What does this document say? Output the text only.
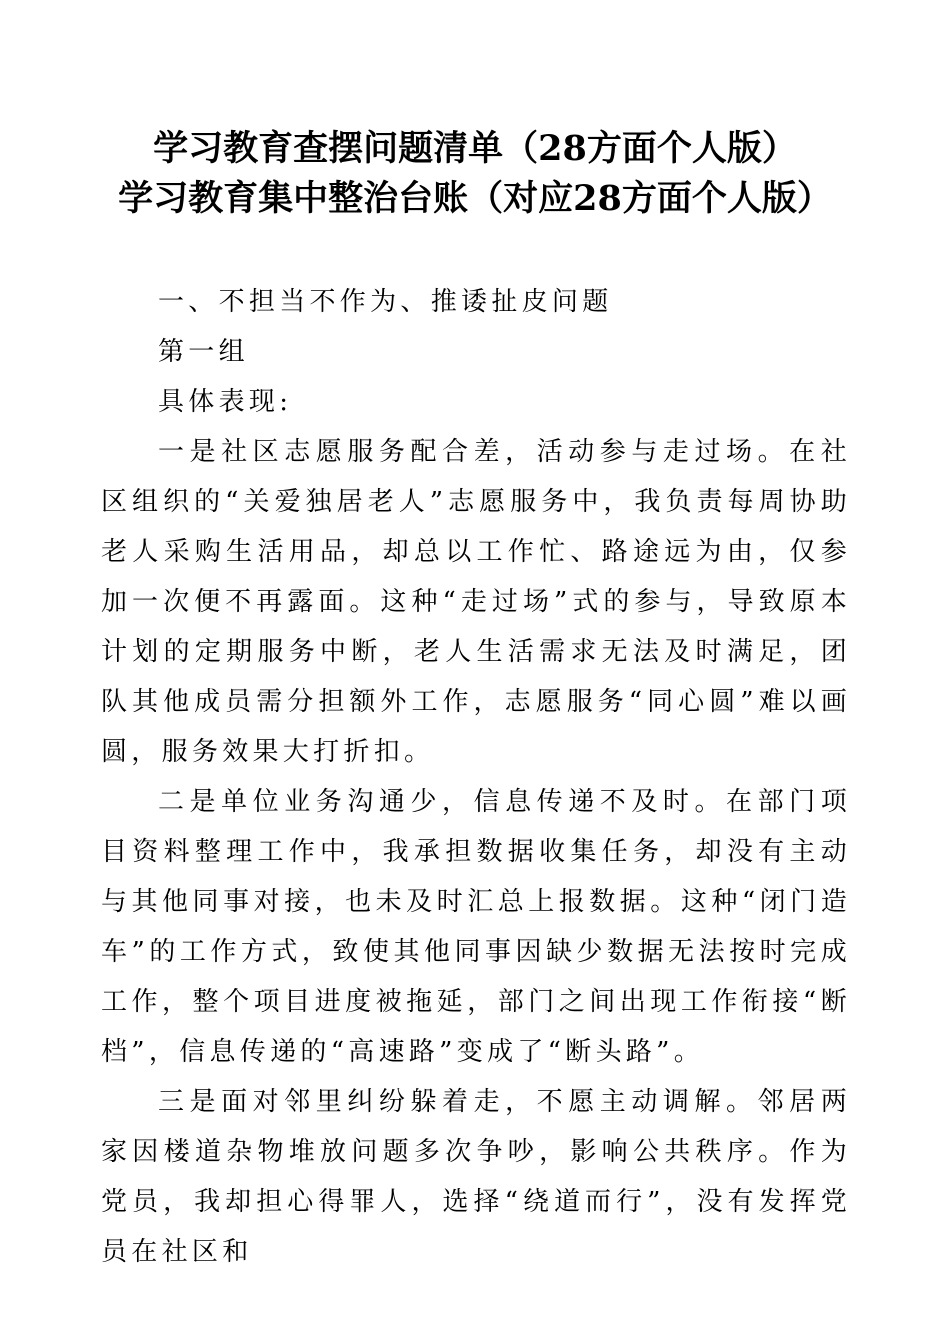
学习教育查摆问题清单（28方面个人版）
学习教育集中整治台账（对应28方面个人版）

一、不担当不作为、推诿扯皮问题

第一组

具体表现:

一是社区志愿服务配合差，活动参与走过场。在社区组织的“关爱独居老人”志愿服务中，我负责每周协助老人采购生活用品，却总以工作忙、路途远为由，仅参加一次便不再露面。这种“走过场”式的参与，导致原本计划的定期服务中断，老人生活需求无法及时满足，团队其他成员需分担额外工作，志愿服务“同心圆”难以画圆，服务效果大打折扣。

二是单位业务沟通少，信息传递不及时。在部门项目资料整理工作中，我承担数据收集任务，却没有主动与其他同事对接，也未及时汇总上报数据。这种“闭门造车”的工作方式，致使其他同事因缺少数据无法按时完成工作，整个项目进度被拖延，部门之间出现工作衔接“断档”，信息传递的“高速路”变成了“断头路”。

三是面对邻里纠纷躲着走，不愿主动调解。邻居两家因楼道杂物堆放问题多次争吵，影响公共秩序。作为党员，我却担心得罪人，选择“绕道而行”，没有发挥党员在社区和
